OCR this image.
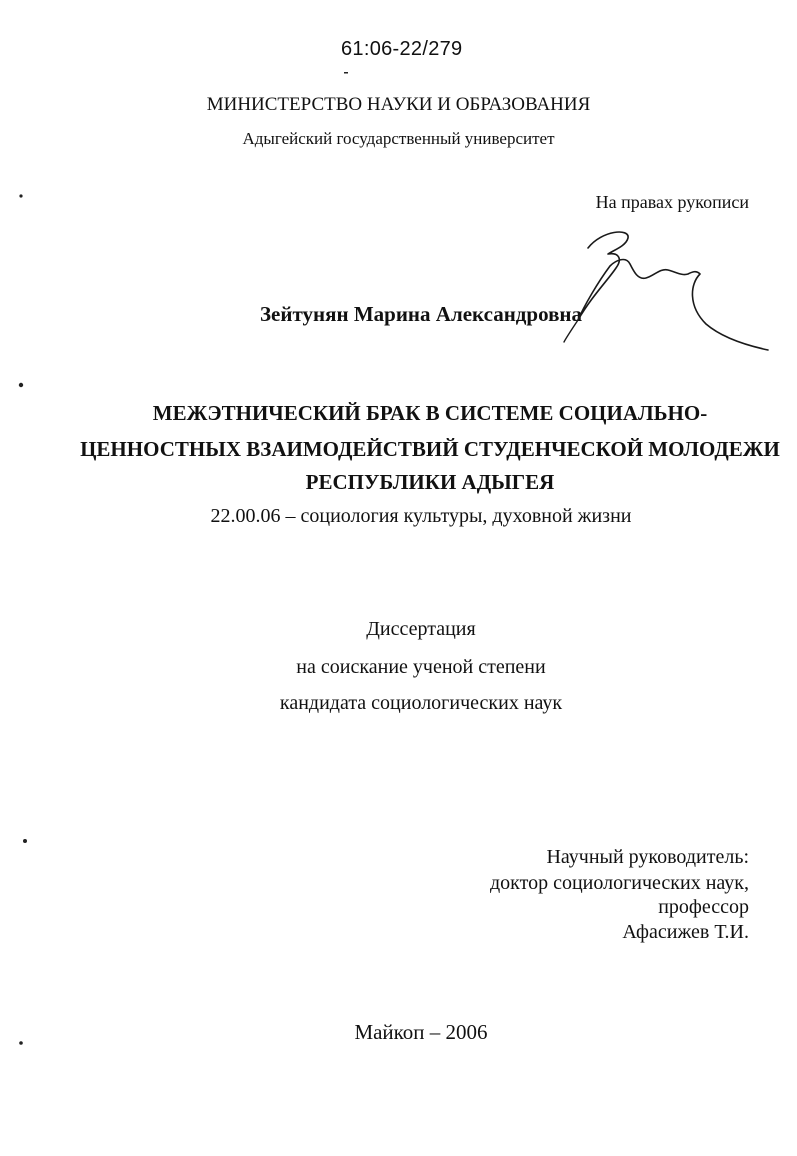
61:06-22/279
МИНИСТЕРСТВО НАУКИ И ОБРАЗОВАНИЯ
Адыгейский государственный университет
На правах рукописи
Зейтунян Марина Александровна
МЕЖЭТНИЧЕСКИЙ БРАК В СИСТЕМЕ СОЦИАЛЬНО-
ЦЕННОСТНЫХ ВЗАИМОДЕЙСТВИЙ СТУДЕНЧЕСКОЙ МОЛОДЕЖИ
РЕСПУБЛИКИ АДЫГЕЯ
22.00.06 – социология культуры, духовной жизни
Диссертация
на соискание ученой степени
кандидата социологических наук
Научный руководитель:
доктор социологических наук,
профессор
Афасижев Т.И.
Майкоп – 2006
